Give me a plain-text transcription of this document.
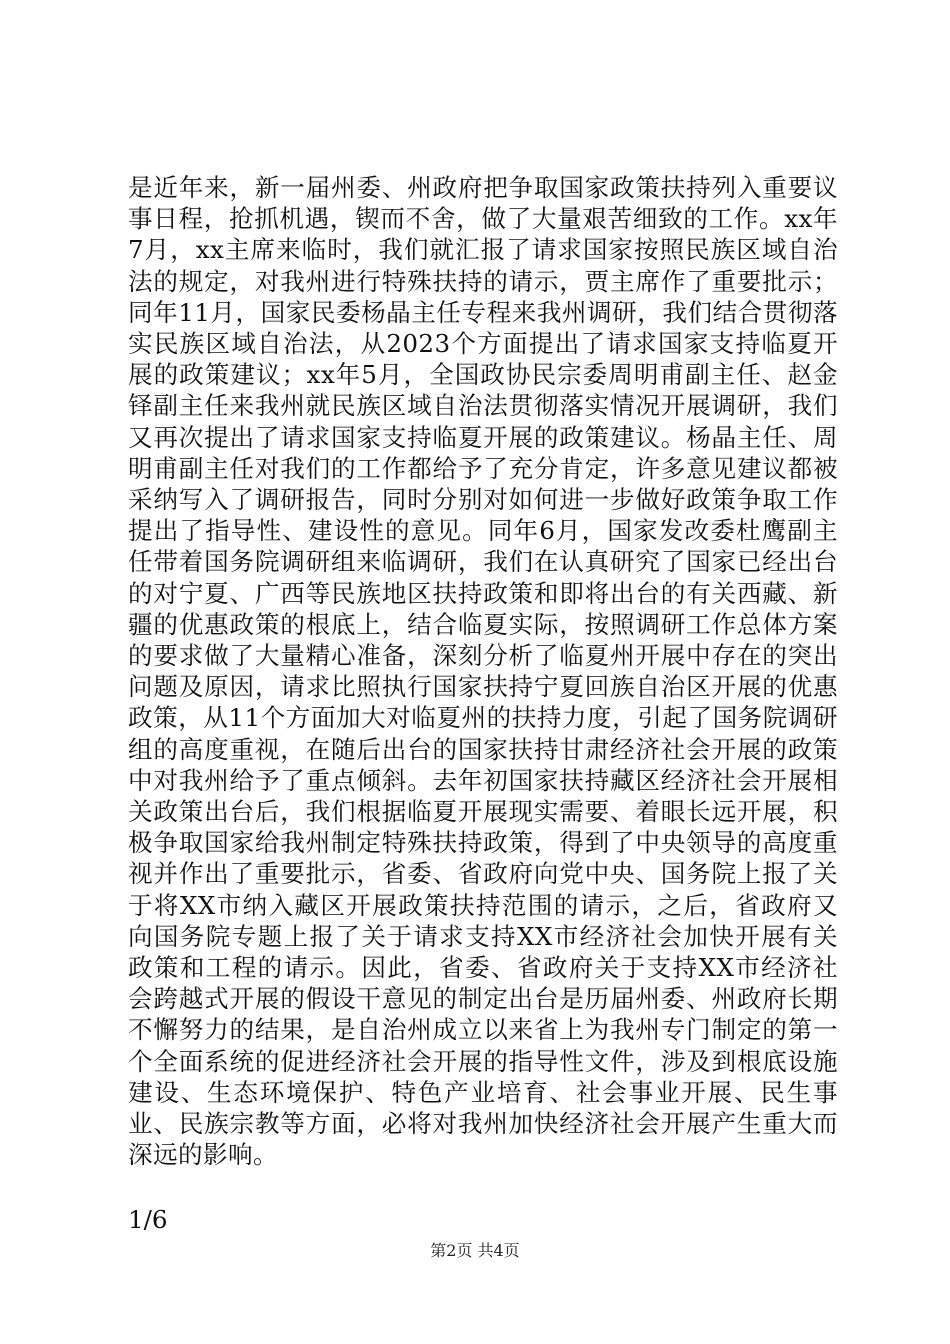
是近年来，新一届州委、州政府把争取国家政策扶持列入重要议事日程，抢抓机遇，锲而不舍，做了大量艰苦细致的工作。xx年7月，xx主席来临时，我们就汇报了请求国家按照民族区域自治法的规定，对我州进行特殊扶持的请示，贾主席作了重要批示；同年11月，国家民委杨晶主任专程来我州调研，我们结合贯彻落实民族区域自治法，从2023个方面提出了请求国家支持临夏开展的政策建议；xx年5月，全国政协民宗委周明甫副主任、赵金铎副主任来我州就民族区域自治法贯彻落实情况开展调研，我们又再次提出了请求国家支持临夏开展的政策建议。杨晶主任、周明甫副主任对我们的工作都给予了充分肯定，许多意见建议都被采纳写入了调研报告，同时分别对如何进一步做好政策争取工作提出了指导性、建设性的意见。同年6月，国家发改委杜鹰副主任带着国务院调研组来临调研，我们在认真研究了国家已经出台的对宁夏、广西等民族地区扶持政策和即将出台的有关西藏、新疆的优惠政策的根底上，结合临夏实际，按照调研工作总体方案的要求做了大量精心准备，深刻分析了临夏州开展中存在的突出问题及原因，请求比照执行国家扶持宁夏回族自治区开展的优惠政策，从11个方面加大对临夏州的扶持力度，引起了国务院调研组的高度重视，在随后出台的国家扶持甘肃经济社会开展的政策中对我州给予了重点倾斜。去年初国家扶持藏区经济社会开展相关政策出台后，我们根据临夏开展现实需要、着眼长远开展，积极争取国家给我州制定特殊扶持政策，得到了中央领导的高度重视并作出了重要批示，省委、省政府向党中央、国务院上报了关于将XX市纳入藏区开展政策扶持范围的请示，之后，省政府又向国务院专题上报了关于请求支持XX市经济社会加快开展有关政策和工程的请示。因此，省委、省政府关于支持XX市经济社会跨越式开展的假设干意见的制定出台是历届州委、州政府长期不懈努力的结果，是自治州成立以来省上为我州专门制定的第一个全面系统的促进经济社会开展的指导性文件，涉及到根底设施建设、生态环境保护、特色产业培育、社会事业开展、民生事业、民族宗教等方面，必将对我州加快经济社会开展产生重大而深远的影响。

1/6

第2页 共4页
